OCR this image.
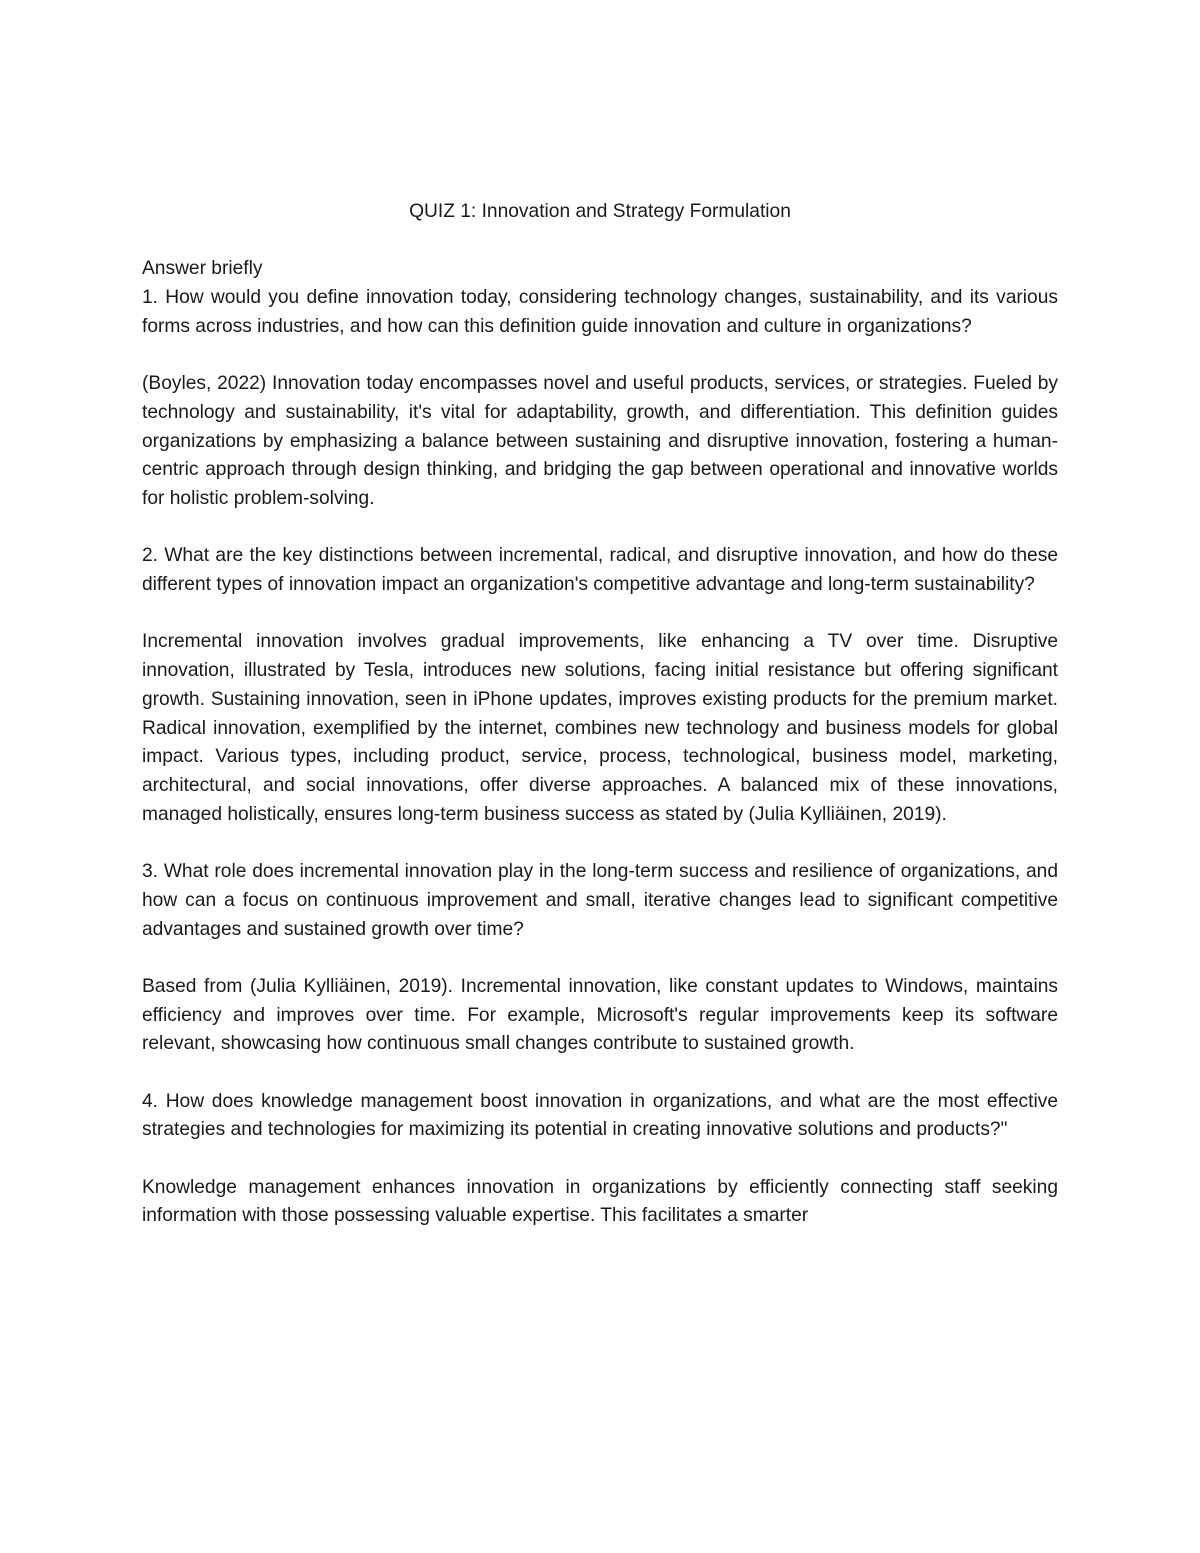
QUIZ 1: Innovation and Strategy Formulation

Answer briefly

1. How would you define innovation today, considering technology changes, sustainability, and its various forms across industries, and how can this definition guide innovation and culture in organizations?

(Boyles, 2022) Innovation today encompasses novel and useful products, services, or strategies. Fueled by technology and sustainability, it's vital for adaptability, growth, and differentiation. This definition guides organizations by emphasizing a balance between sustaining and disruptive innovation, fostering a human-centric approach through design thinking, and bridging the gap between operational and innovative worlds for holistic problem-solving.

2. What are the key distinctions between incremental, radical, and disruptive innovation, and how do these different types of innovation impact an organization's competitive advantage and long-term sustainability?

Incremental innovation involves gradual improvements, like enhancing a TV over time. Disruptive innovation, illustrated by Tesla, introduces new solutions, facing initial resistance but offering significant growth. Sustaining innovation, seen in iPhone updates, improves existing products for the premium market. Radical innovation, exemplified by the internet, combines new technology and business models for global impact. Various types, including product, service, process, technological, business model, marketing, architectural, and social innovations, offer diverse approaches. A balanced mix of these innovations, managed holistically, ensures long-term business success as stated by (Julia Kylliäinen, 2019).

3. What role does incremental innovation play in the long-term success and resilience of organizations, and how can a focus on continuous improvement and small, iterative changes lead to significant competitive advantages and sustained growth over time?

Based from (Julia Kylliäinen, 2019). Incremental innovation, like constant updates to Windows, maintains efficiency and improves over time. For example, Microsoft's regular improvements keep its software relevant, showcasing how continuous small changes contribute to sustained growth.

4. How does knowledge management boost innovation in organizations, and what are the most effective strategies and technologies for maximizing its potential in creating innovative solutions and products?"

Knowledge management enhances innovation in organizations by efficiently connecting staff seeking information with those possessing valuable expertise. This facilitates a smarter
